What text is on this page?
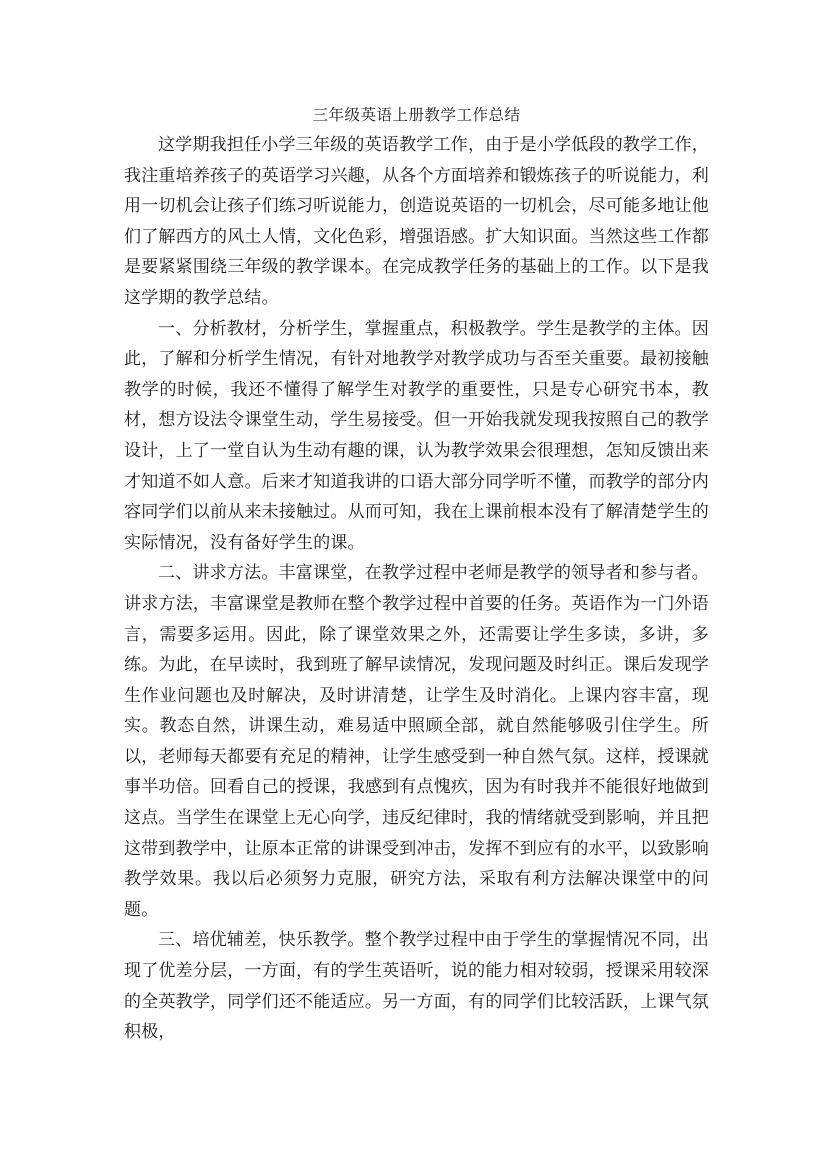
三年级英语上册教学工作总结

这学期我担任小学三年级的英语教学工作，由于是小学低段的教学工作，我注重培养孩子的英语学习兴趣，从各个方面培养和锻炼孩子的听说能力，利用一切机会让孩子们练习听说能力，创造说英语的一切机会，尽可能多地让他们了解西方的风土人情，文化色彩，增强语感。扩大知识面。当然这些工作都是要紧紧围绕三年级的教学课本。在完成教学任务的基础上的工作。以下是我这学期的教学总结。

一、分析教材，分析学生，掌握重点，积极教学。学生是教学的主体。因此，了解和分析学生情况，有针对地教学对教学成功与否至关重要。最初接触教学的时候，我还不懂得了解学生对教学的重要性，只是专心研究书本，教材，想方设法令课堂生动，学生易接受。但一开始我就发现我按照自己的教学设计，上了一堂自认为生动有趣的课，认为教学效果会很理想，怎知反馈出来才知道不如人意。后来才知道我讲的口语大部分同学听不懂，而教学的部分内容同学们以前从来未接触过。从而可知，我在上课前根本没有了解清楚学生的实际情况，没有备好学生的课。

二、讲求方法。丰富课堂，在教学过程中老师是教学的领导者和参与者。讲求方法，丰富课堂是教师在整个教学过程中首要的任务。英语作为一门外语言，需要多运用。因此，除了课堂效果之外，还需要让学生多读，多讲，多练。为此，在早读时，我到班了解早读情况，发现问题及时纠正。课后发现学生作业问题也及时解决，及时讲清楚，让学生及时消化。上课内容丰富，现实。教态自然，讲课生动，难易适中照顾全部，就自然能够吸引住学生。所以，老师每天都要有充足的精神，让学生感受到一种自然气氛。这样，授课就事半功倍。回看自己的授课，我感到有点愧疚，因为有时我并不能很好地做到这点。当学生在课堂上无心向学，违反纪律时，我的情绪就受到影响，并且把这带到教学中，让原本正常的讲课受到冲击，发挥不到应有的水平，以致影响教学效果。我以后必须努力克服，研究方法，采取有利方法解决课堂中的问题。

三、培优辅差，快乐教学。整个教学过程中由于学生的掌握情况不同，出现了优差分层，一方面，有的学生英语听，说的能力相对较弱，授课采用较深的全英教学，同学们还不能适应。另一方面，有的同学们比较活跃，上课气氛积极，
